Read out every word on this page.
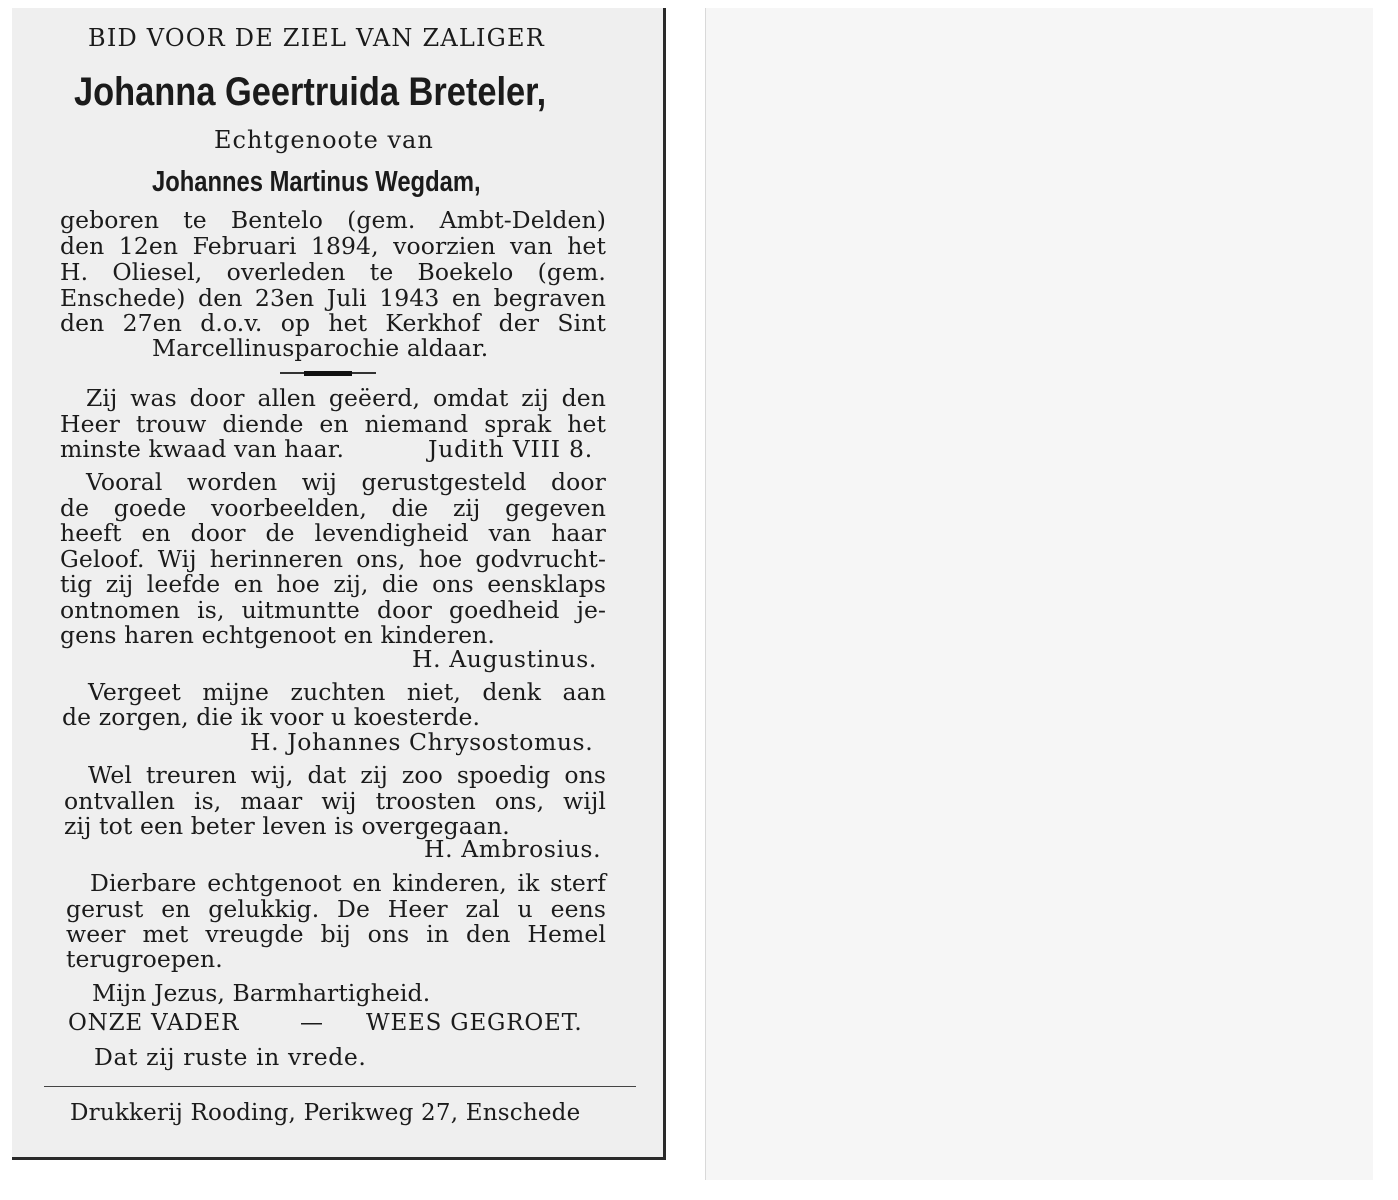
BID VOOR DE ZIEL VAN ZALIGER
Johanna Geertruida Breteler,
Echtgenoote van
Johannes Martinus Wegdam,
geboren te Bentelo (gem. Ambt-Delden)
den 12en Februari 1894, voorzien van het
H. Oliesel, overleden te Boekelo (gem.
Enschede) den 23en Juli 1943 en begraven
den 27en d.o.v. op het Kerkhof der Sint
Marcellinusparochie aldaar.
Zij was door allen geëerd, omdat zij den
Heer trouw diende en niemand sprak het
minste kwaad van haar.	Judith VIII 8.
Vooral worden wij gerustgesteld door
de goede voorbeelden, die zij gegeven
heeft en door de levendigheid van haar
Geloof. Wij herinneren ons, hoe godvrucht-
tig zij leefde en hoe zij, die ons eensklaps
ontnomen is, uitmuntte door goedheid je-
gens haren echtgenoot en kinderen.
H. Augustinus.
Vergeet mijne zuchten niet, denk aan
de zorgen, die ik voor u koesterde.
H. Johannes Chrysostomus.
Wel treuren wij, dat zij zoo spoedig ons
ontvallen is, maar wij troosten ons, wijl
zij tot een beter leven is overgegaan.
H. Ambrosius.
Dierbare echtgenoot en kinderen, ik sterf
gerust en gelukkig. De Heer zal u eens
weer met vreugde bij ons in den Hemel
terugroepen.
Mijn Jezus, Barmhartigheid.
ONZE VADER	— WEES GEGROET.
Dat zij ruste in vrede.
Drukkerij Rooding, Perikweg 27, Enschede
